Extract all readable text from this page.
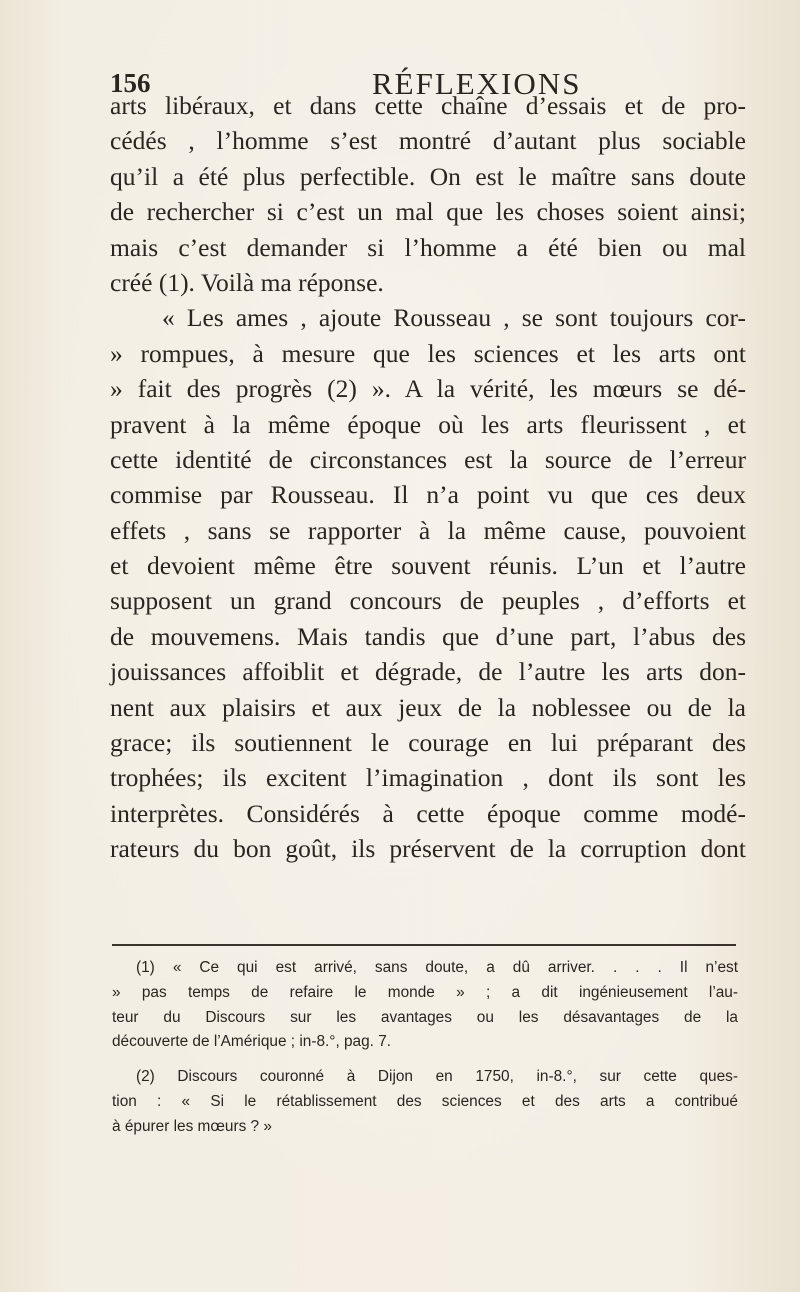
156	RÉFLEXIONS
arts libéraux, et dans cette chaîne d’essais et de pro-
cédés , l’homme s’est montré d’autant plus sociable
qu’il a été plus perfectible. On est le maître sans doute
de rechercher si c’est un mal que les choses soient ainsi;
mais c’est demander si l’homme a été bien ou mal
créé (1). Voilà ma réponse.
« Les ames , ajoute Rousseau , se sont toujours cor-
» rompues, à mesure que les sciences et les arts ont
» fait des progrès (2) ». A la vérité, les mœurs se dé-
pravent à la même époque où les arts fleurissent , et
cette identité de circonstances est la source de l’erreur
commise par Rousseau. Il n’a point vu que ces deux
effets , sans se rapporter à la même cause, pouvoient
et devoient même être souvent réunis. L’un et l’autre
supposent un grand concours de peuples , d’efforts et
de mouvemens. Mais tandis que d’une part, l’abus des
jouissances affoiblit et dégrade, de l’autre les arts don-
nent aux plaisirs et aux jeux de la noblessee ou de la
grace; ils soutiennent le courage en lui préparant des
trophées; ils excitent l’imagination , dont ils sont les
interprètes. Considérés à cette époque comme modé-
rateurs du bon goût, ils préservent de la corruption dont
(1) « Ce qui est arrivé, sans doute, a dû arriver. . . . Il n’est
» pas temps de refaire le monde » ; a dit ingénieusement l’au-
teur du Discours sur les avantages ou les désavantages de la
découverte de l’Amérique ; in-8.°, pag. 7.
(2) Discours couronné à Dijon en 1750, in-8.°, sur cette ques-
tion : « Si le rétablissement des sciences et des arts a contribué
à épurer les mœurs ? »
